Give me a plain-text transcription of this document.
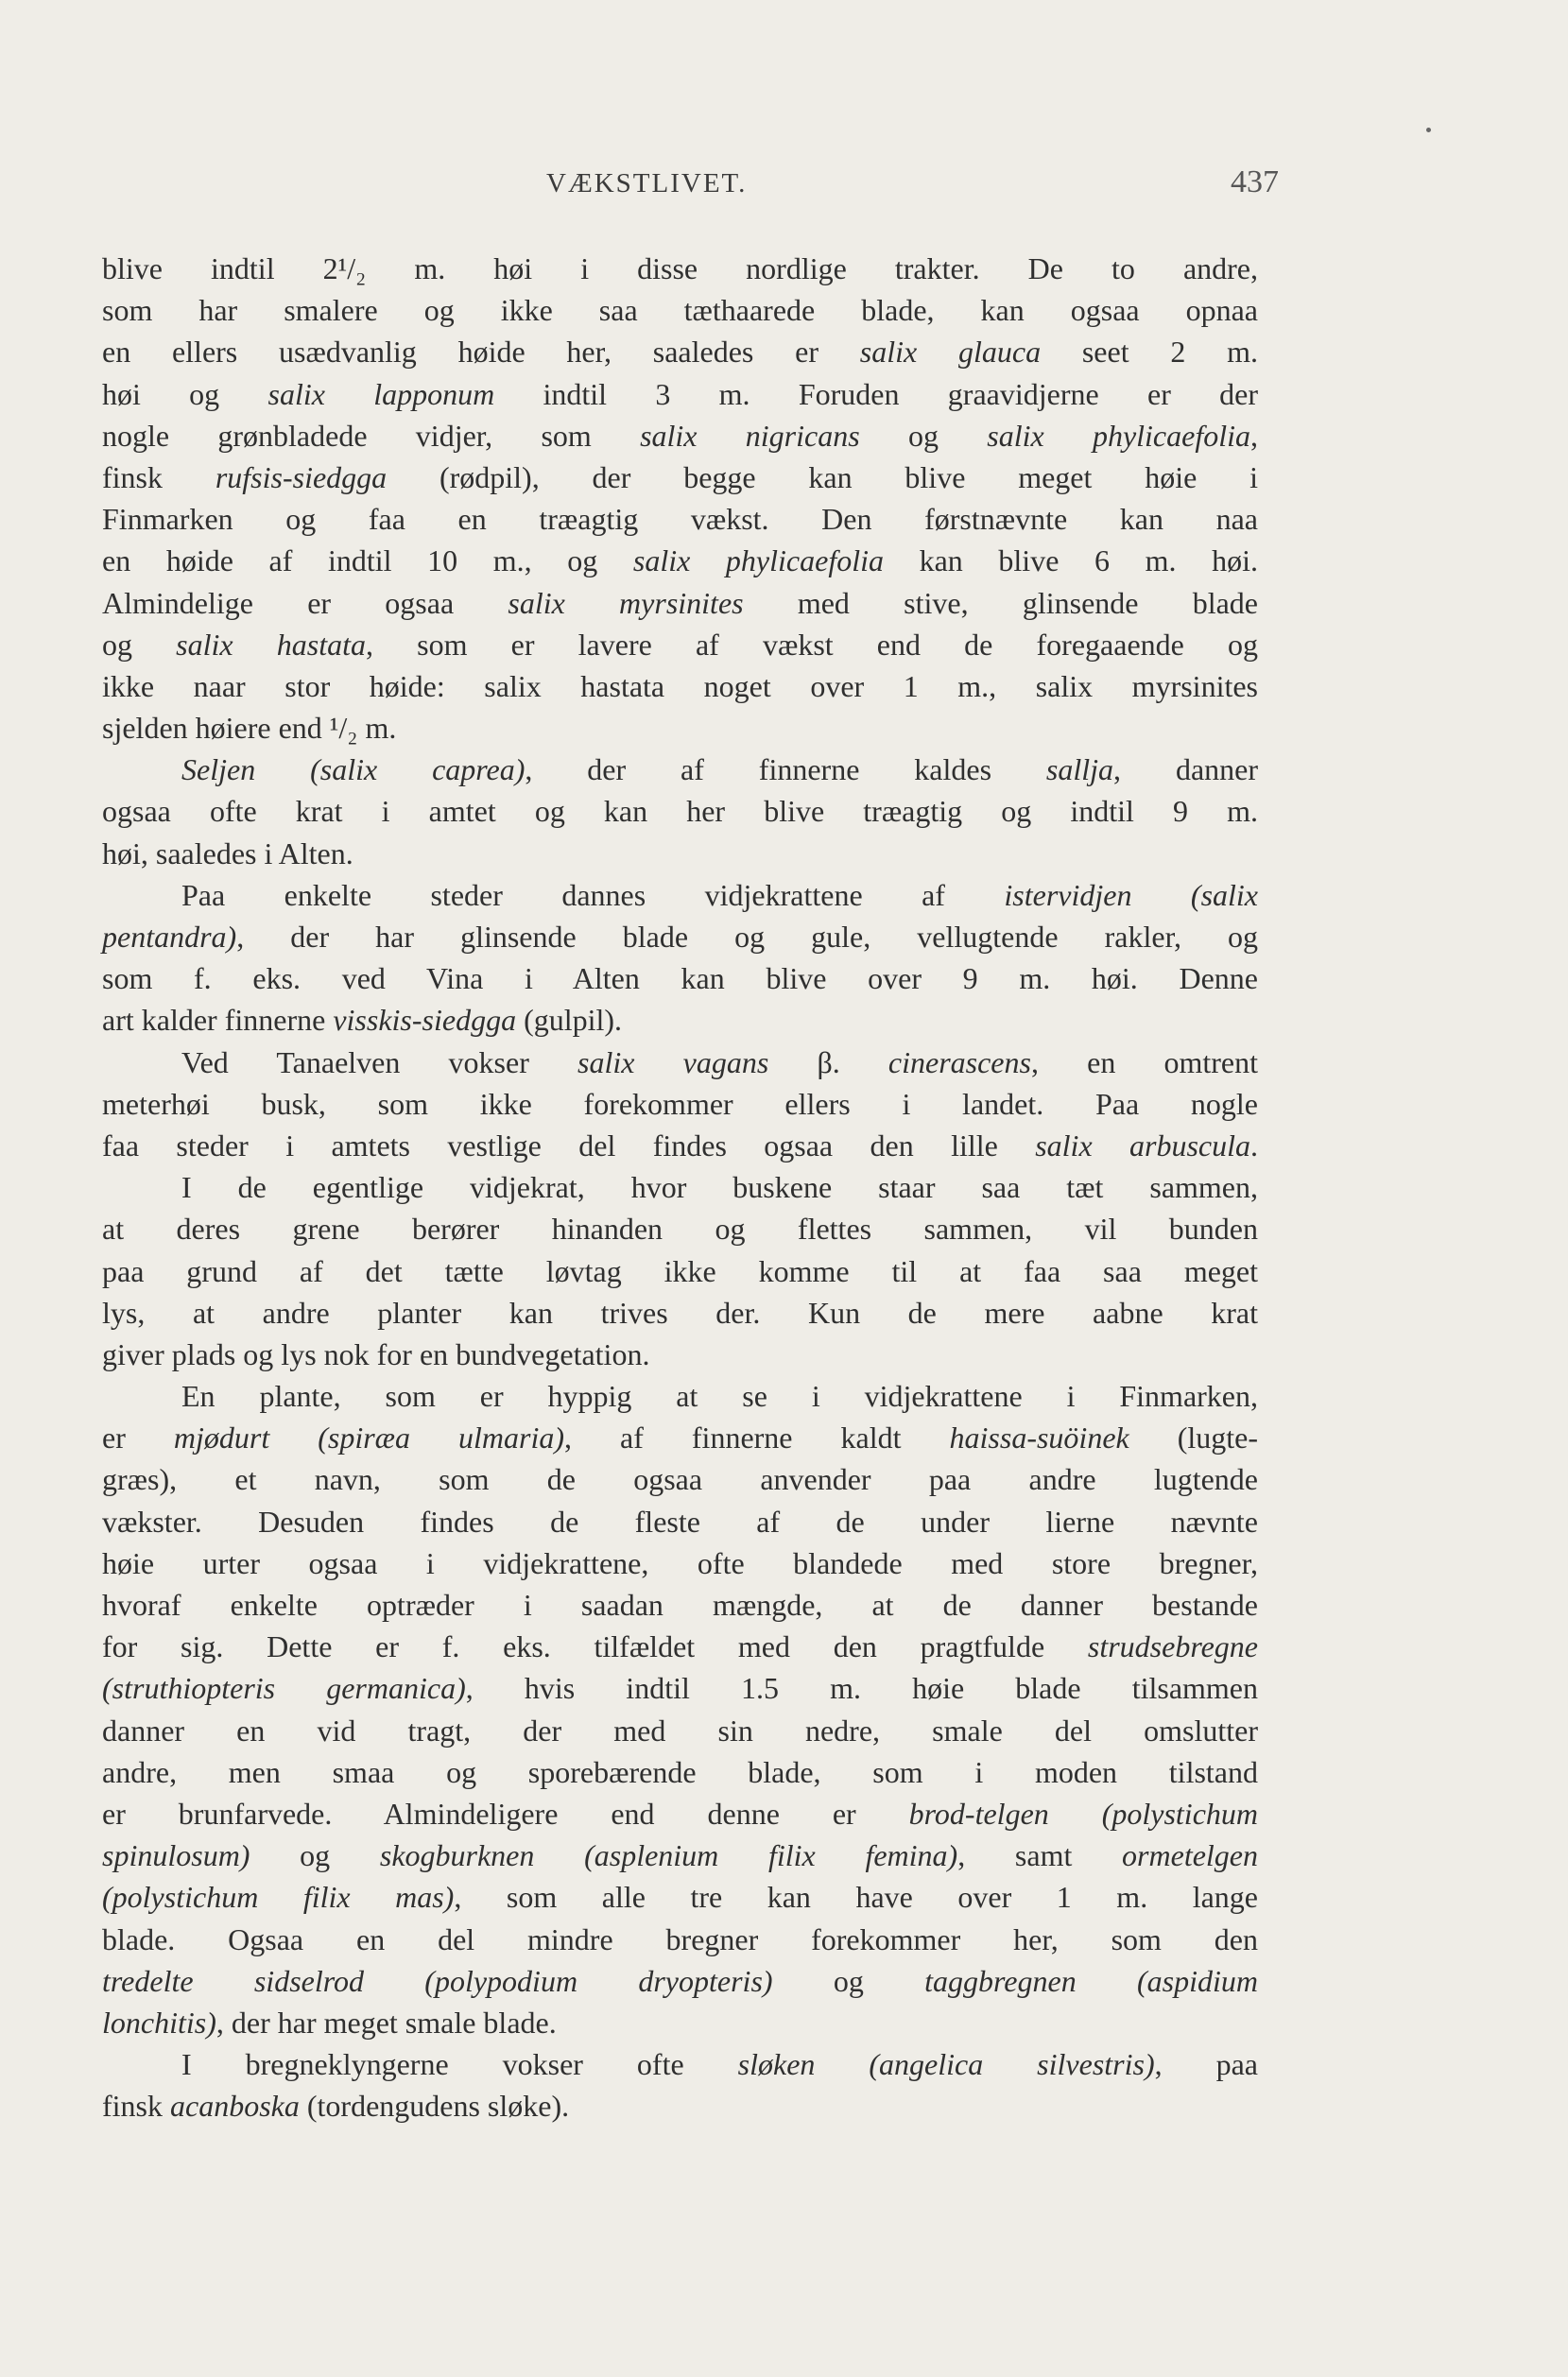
VÆKSTLIVET.	437
blive indtil 2¹/₂ m. høi i disse nordlige trakter. De to andre,
som har smalere og ikke saa tæthaarede blade, kan ogsaa opnaa
en ellers usædvanlig høide her, saaledes er salix glauca seet 2 m.
høi og salix lapponum indtil 3 m. Foruden graavidjerne er der
nogle grønbladede vidjer, som salix nigricans og salix phylicaefolia,
finsk rufsis-siedgga (rødpil), der begge kan blive meget høie i
Finmarken og faa en træagtig vækst. Den førstnævnte kan naa
en høide af indtil 10 m., og salix phylicaefolia kan blive 6 m. høi.
Almindelige er ogsaa salix myrsinites med stive, glinsende blade
og salix hastata, som er lavere af vækst end de foregaaende og
ikke naar stor høide: salix hastata noget over 1 m., salix myrsinites
sjelden høiere end ¹/₂ m.
Seljen (salix caprea), der af finnerne kaldes sallja, danner
ogsaa ofte krat i amtet og kan her blive træagtig og indtil 9 m.
høi, saaledes i Alten.
Paa enkelte steder dannes vidjekrattene af istervidjen (salix
pentandra), der har glinsende blade og gule, vellugtende rakler, og
som f. eks. ved Vina i Alten kan blive over 9 m. høi. Denne
art kalder finnerne visskis-siedgga (gulpil).
Ved Tanaelven vokser salix vagans β. cinerascens, en omtrent
meterhøi busk, som ikke forekommer ellers i landet. Paa nogle
faa steder i amtets vestlige del findes ogsaa den lille salix arbuscula.
I de egentlige vidjekrat, hvor buskene staar saa tæt sammen,
at deres grene berører hinanden og flettes sammen, vil bunden
paa grund af det tætte løvtag ikke komme til at faa saa meget
lys, at andre planter kan trives der. Kun de mere aabne krat
giver plads og lys nok for en bundvegetation.
En plante, som er hyppig at se i vidjekrattene i Finmarken,
er mjødurt (spiræa ulmaria), af finnerne kaldt haissa-suöinek (lugte-
græs), et navn, som de ogsaa anvender paa andre lugtende
vækster. Desuden findes de fleste af de under lierne nævnte
høie urter ogsaa i vidjekrattene, ofte blandede med store bregner,
hvoraf enkelte optræder i saadan mængde, at de danner bestande
for sig. Dette er f. eks. tilfældet med den pragtfulde strudsebregne
(struthiopteris germanica), hvis indtil 1.5 m. høie blade tilsammen
danner en vid tragt, der med sin nedre, smale del omslutter
andre, men smaa og sporebærende blade, som i moden tilstand
er brunfarvede. Almindeligere end denne er brod-telgen (polystichum
spinulosum) og skogburknen (asplenium filix femina), samt ormetelgen
(polystichum filix mas), som alle tre kan have over 1 m. lange
blade. Ogsaa en del mindre bregner forekommer her, som den
tredelte sidselrod (polypodium dryopteris) og taggbregnen (aspidium
lonchitis), der har meget smale blade.
I bregneklyngerne vokser ofte sløken (angelica silvestris), paa
finsk acanboska (tordengudens sløke).
